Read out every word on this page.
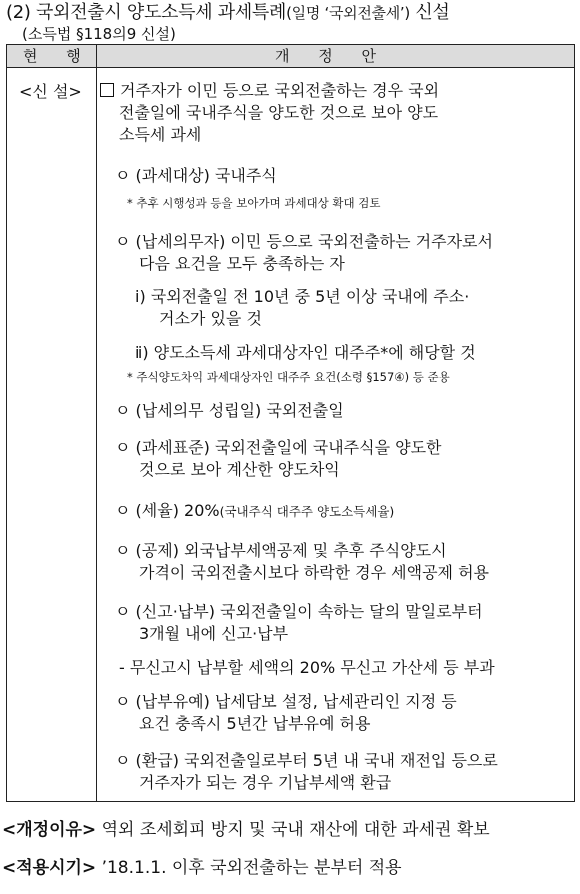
(2) 국외전출시 양도소득세 과세특례(일명 ‘국외전출세’) 신설
(소득법 §118의9 신설)
현 행	개 정 안
<신 설>	거주자가 이민 등으로 국외전출하는 경우 국외
전출일에 국내주식을 양도한 것으로 보아 양도
소득세 과세
ㅇ (과세대상) 국내주식
* 추후 시행성과 등을 보아가며 과세대상 확대 검토
ㅇ (납세의무자) 이민 등으로 국외전출하는 거주자로서
다음 요건을 모두 충족하는 자
ⅰ) 국외전출일 전 10년 중 5년 이상 국내에 주소·
거소가 있을 것
ⅱ) 양도소득세 과세대상자인 대주주*에 해당할 것
* 주식양도차익 과세대상자인 대주주 요건(소령 §157④) 등 준용
ㅇ (납세의무 성립일) 국외전출일
ㅇ (과세표준) 국외전출일에 국내주식을 양도한
것으로 보아 계산한 양도차익
ㅇ (세율) 20%(국내주식 대주주 양도소득세율)
ㅇ (공제) 외국납부세액공제 및 추후 주식양도시
가격이 국외전출시보다 하락한 경우 세액공제 허용
ㅇ (신고·납부) 국외전출일이 속하는 달의 말일로부터
3개월 내에 신고·납부
- 무신고시 납부할 세액의 20% 무신고 가산세 등 부과
ㅇ (납부유예) 납세담보 설정, 납세관리인 지정 등
요건 충족시 5년간 납부유예 허용
ㅇ (환급) 국외전출일로부터 5년 내 국내 재전입 등으로
거주자가 되는 경우 기납부세액 환급
<개정이유> 역외 조세회피 방지 및 국내 재산에 대한 과세권 확보
<적용시기> ’18.1.1. 이후 국외전출하는 분부터 적용
